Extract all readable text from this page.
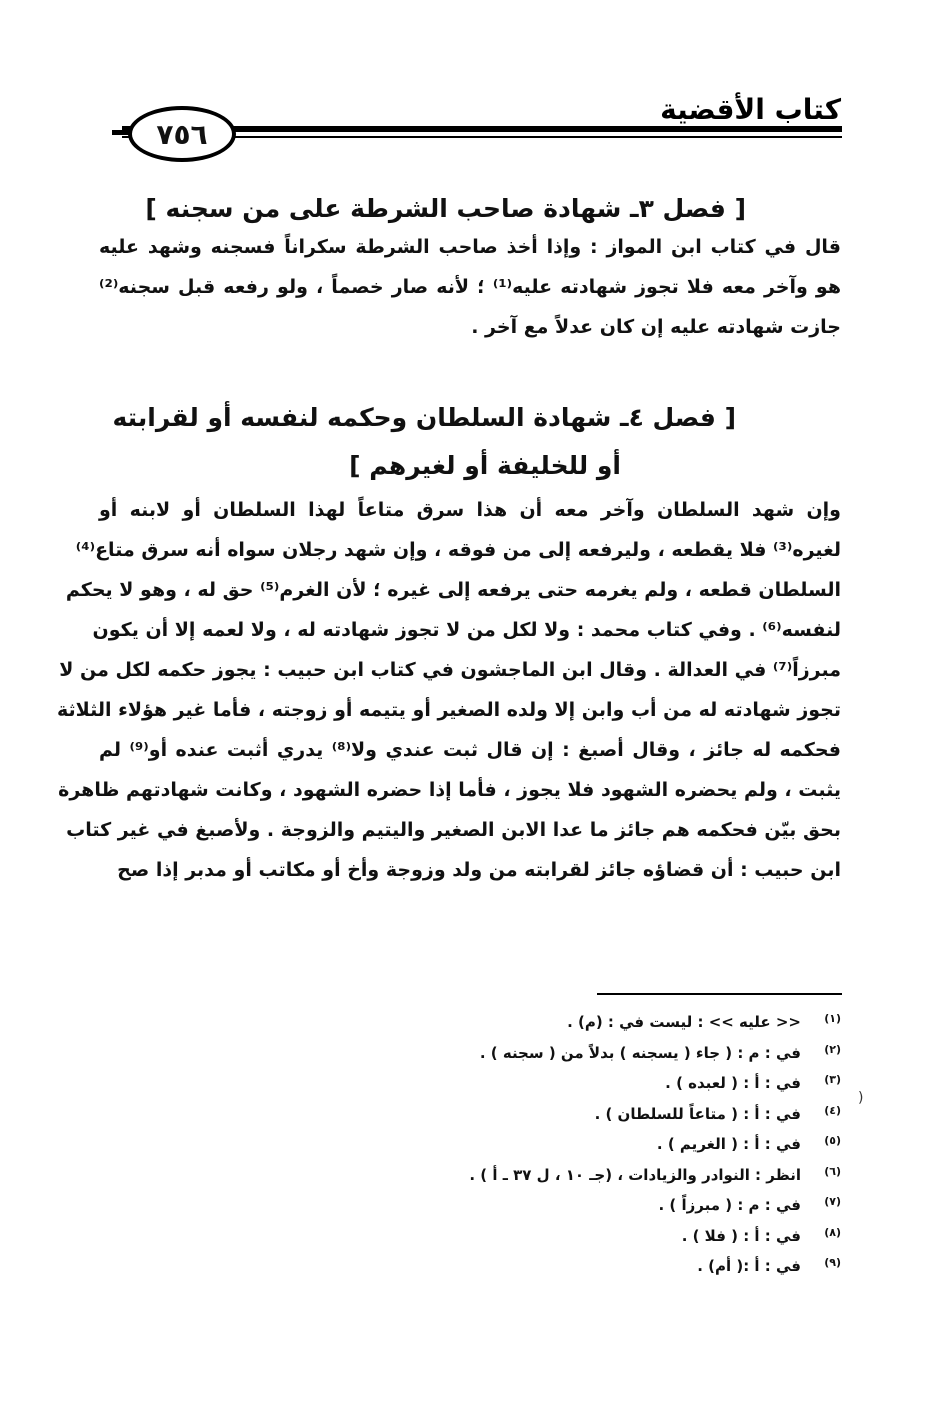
كتاب الأقضية
٧٥٦
[ فصل ٣ـ شهادة صاحب الشرطة على من سجنه ]
قال في كتاب ابن المواز : وإذا أخذ صاحب الشرطة سكراناً فسجنه وشهد عليه
هو وآخر معه فلا تجوز شهادته عليه⁽¹⁾ ؛ لأنه صار خصماً ، ولو رفعه قبل سجنه⁽²⁾
جازت شهادته عليه إن كان عدلاً مع آخر .
[ فصل ٤ـ شهادة السلطان وحكمه لنفسه أو لقرابته
أو للخليفة أو لغيرهم ]
وإن شهد السلطان وآخر معه أن هذا سرق متاعاً لهذا السلطان أو لابنه أو
لغيره⁽³⁾ فلا يقطعه ، وليرفعه إلى من فوقه ، وإن شهد رجلان سواه أنه سرق متاع⁽⁴⁾
السلطان قطعه ، ولم يغرمه حتى يرفعه إلى غيره ؛ لأن الغرم⁽⁵⁾ حق له ، وهو لا يحكم
لنفسه⁽⁶⁾ . وفي كتاب محمد : ولا لكل من لا تجوز شهادته له ، ولا لعمه إلا أن يكون
مبرزاً⁽⁷⁾ في العدالة . وقال ابن الماجشون في كتاب ابن حبيب : يجوز حكمه لكل من لا
تجوز شهادته له من أب وابن إلا ولده الصغير أو يتيمه أو زوجته ، فأما غير هؤلاء الثلاثة
فحكمه له جائز ، وقال أصبغ : إن قال ثبت عندي ولا⁽⁸⁾ يدري أثبت عنده أو⁽⁹⁾ لم
يثبت ، ولم يحضره الشهود فلا يجوز ، فأما إذا حضره الشهود ، وكانت شهادتهم ظاهرة
بحق بيّن فحكمه هم جائز ما عدا الابن الصغير واليتيم والزوجة . ولأصبغ في غير كتاب
ابن حبيب : أن قضاؤه جائز لقرابته من ولد وزوجة وأخ أو مكاتب أو مدبر إذا صح
(١)
<< عليه >> : ليست في : (م) .
(٢)
في : م : ( جاء ( يسجنه ) بدلاً من ( سجنه ) .
(٣)
في : أ : ( لعبده ) .
(٤)
في : أ : ( متاعاً للسلطان ) .
(٥)
في : أ : ( الغريم ) .
(٦)
انظر : النوادر والزيادات ، (جـ ١٠ ، ل ٣٧ ـ أ ) .
(٧)
في : م : ( مبرزاً ) .
(٨)
في : أ : ( فلا ) .
(٩)
في : أ :( أم) .
(
